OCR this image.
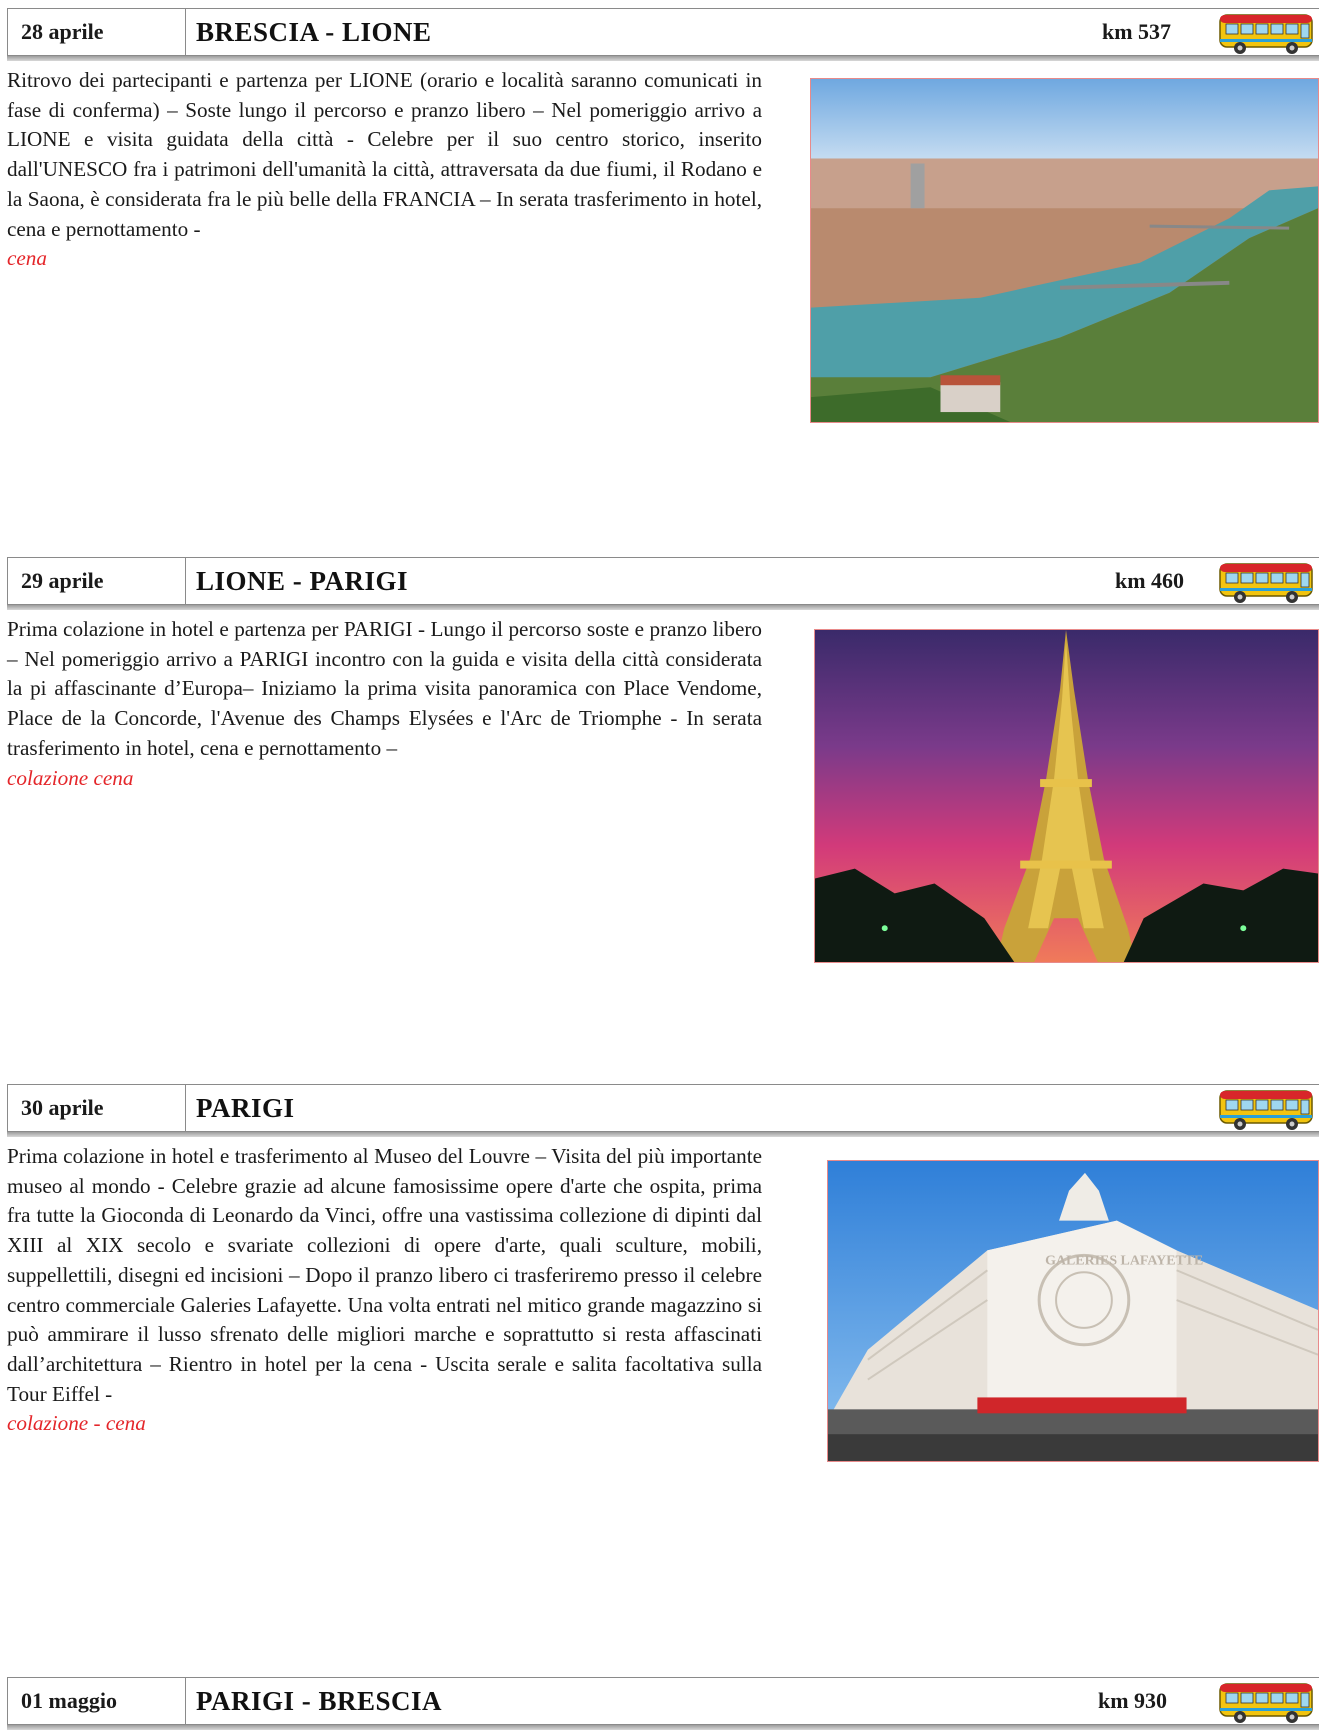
28 aprile	BRESCIA - LIONE	km 537
Ritrovo dei partecipanti e partenza per LIONE (orario e località saranno comunicati in fase di conferma) – Soste lungo il percorso e pranzo libero – Nel pomeriggio arrivo a LIONE e visita guidata della città - Celebre per il suo centro storico, inserito dall'UNESCO fra i patrimoni dell'umanità la città, attraversata da due fiumi, il Rodano e la Saona, è considerata fra le più belle della FRANCIA – In serata trasferimento in hotel, cena e pernottamento -
cena
29 aprile	LIONE - PARIGI	km 460
Prima colazione in hotel e partenza per PARIGI - Lungo il percorso soste e pranzo libero – Nel pomeriggio arrivo a PARIGI incontro con la guida e visita della città considerata la pi affascinante d’Europa– Iniziamo la prima visita panoramica con Place Vendome, Place de la Concorde, l'Avenue des Champs Elysées e l'Arc de Triomphe - In serata trasferimento in hotel, cena e pernottamento –
colazione cena
30 aprile	PARIGI
Prima colazione in hotel e trasferimento al Museo del Louvre – Visita del più importante museo al mondo - Celebre grazie ad alcune famosissime opere d'arte che ospita, prima fra tutte la Gioconda di Leonardo da Vinci, offre una vastissima collezione di dipinti dal XIII al XIX secolo e svariate collezioni di opere d'arte, quali sculture, mobili, suppellettili, disegni ed incisioni – Dopo il pranzo libero ci trasferiremo presso il celebre centro commerciale Galeries Lafayette. Una volta entrati nel mitico grande magazzino si può ammirare il lusso sfrenato delle migliori marche e soprattutto si resta affascinati dall’architettura – Rientro in hotel per la cena - Uscita serale e salita facoltativa sulla Tour Eiffel -
colazione - cena
GALERIES LAFAYETTE
01 maggio	PARIGI - BRESCIA	km 930
